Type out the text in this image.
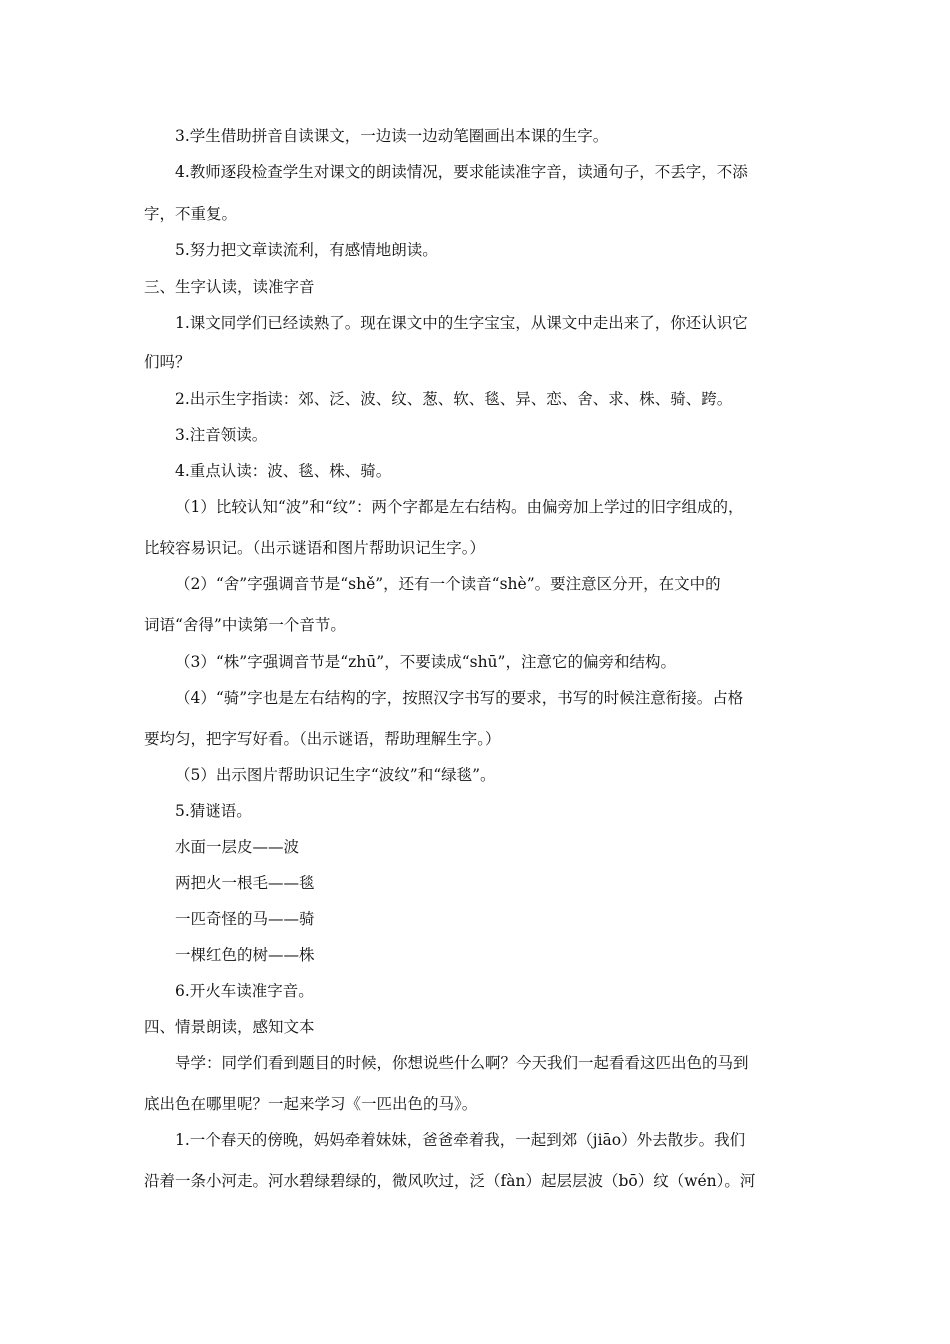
3.学生借助拼音自读课文，一边读一边动笔圈画出本课的生字。
4.教师逐段检查学生对课文的朗读情况，要求能读准字音，读通句子，不丢字，不添
字，不重复。
5.努力把文章读流利，有感情地朗读。
三、生字认读，读准字音
1.课文同学们已经读熟了。现在课文中的生字宝宝，从课文中走出来了，你还认识它
们吗？
2.出示生字指读：郊、泛、波、纹、葱、软、毯、异、恋、舍、求、株、骑、跨。
3.注音领读。
4.重点认读：波、毯、株、骑。
（1）比较认知“波”和“纹”：两个字都是左右结构。由偏旁加上学过的旧字组成的，
比较容易识记。（出示谜语和图片帮助识记生字。）
（2）“舍”字强调音节是“shě”，还有一个读音“shè”。要注意区分开，在文中的
词语“舍得”中读第一个音节。
（3）“株”字强调音节是“zhū”，不要读成“shū”，注意它的偏旁和结构。
（4）“骑”字也是左右结构的字，按照汉字书写的要求，书写的时候注意衔接。占格
要均匀，把字写好看。（出示谜语，帮助理解生字。）
（5）出示图片帮助识记生字“波纹”和“绿毯”。
5.猜谜语。
水面一层皮——波
两把火一根毛——毯
一匹奇怪的马——骑
一棵红色的树——株
6.开火车读准字音。
四、情景朗读，感知文本
导学：同学们看到题目的时候，你想说些什么啊？今天我们一起看看这匹出色的马到
底出色在哪里呢？一起来学习《一匹出色的马》。
1.一个春天的傍晚，妈妈牵着妹妹，爸爸牵着我，一起到郊（jiāo）外去散步。我们
沿着一条小河走。河水碧绿碧绿的，微风吹过，泛（fàn）起层层波（bō）纹（wén）。河
